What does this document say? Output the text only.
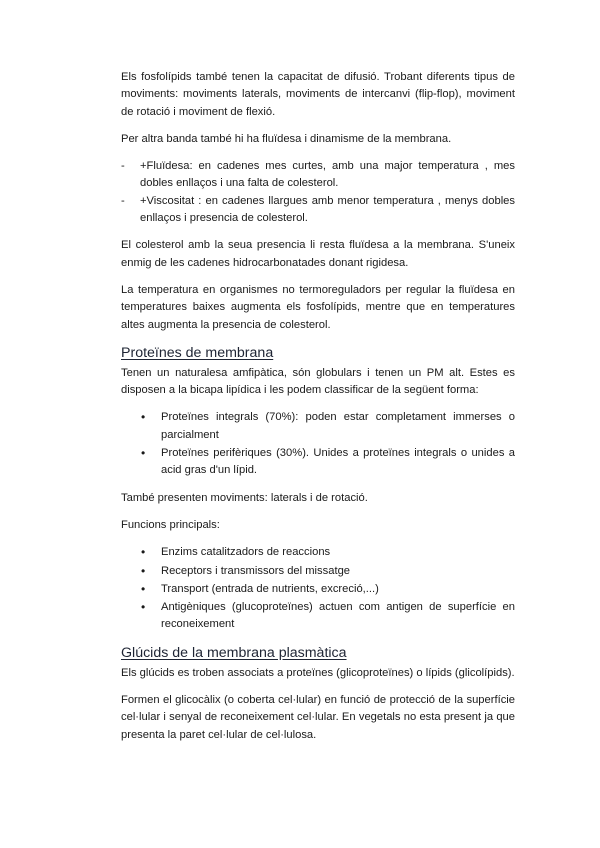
Els fosfolípids també tenen la capacitat de difusió. Trobant diferents tipus de moviments: moviments laterals, moviments de intercanvi (flip-flop), moviment de rotació i moviment de flexió.

Per altra banda també hi ha fluïdesa i dinamisme de la membrana.

- +Fluïdesa: en cadenes mes curtes, amb una major temperatura , mes dobles enllaços i una falta de colesterol.
- +Viscositat : en cadenes llargues amb menor temperatura , menys dobles enllaços i presencia de colesterol.

El colesterol amb la seua presencia li resta fluïdesa a la membrana. S'uneix enmig de les cadenes hidrocarbonatades donant rigidesa.

La temperatura en organismes no termoreguladors per regular la fluïdesa en temperatures baixes augmenta els fosfolípids, mentre que en temperatures altes augmenta la presencia de colesterol.

Proteïnes de membrana

Tenen un naturalesa amfipàtica, són globulars i tenen un PM alt. Estes es disposen a la bicapa lipídica i les podem classificar de la següent forma:

• Proteïnes integrals (70%): poden estar completament immerses o parcialment
• Proteïnes perifèriques (30%). Unides a proteïnes integrals o unides a acid gras d'un lípid.

També presenten moviments: laterals i de rotació.

Funcions principals:

• Enzims catalitzadors de reaccions
• Receptors i transmissors del missatge
• Transport (entrada de nutrients, excreció,...)
• Antigèniques (glucoproteïnes) actuen com antigen de superfície en reconeixement
Glúcids de la membrana plasmàtica

Els glúcids es troben associats a proteïnes (glicoproteïnes) o lípids (glicolípids).

Formen el glicocàlix (o coberta cel·lular) en funció de protecció de la superfície cel·lular i senyal de reconeixement cel·lular. En vegetals no esta present ja que presenta la paret cel·lular de cel·lulosa.
